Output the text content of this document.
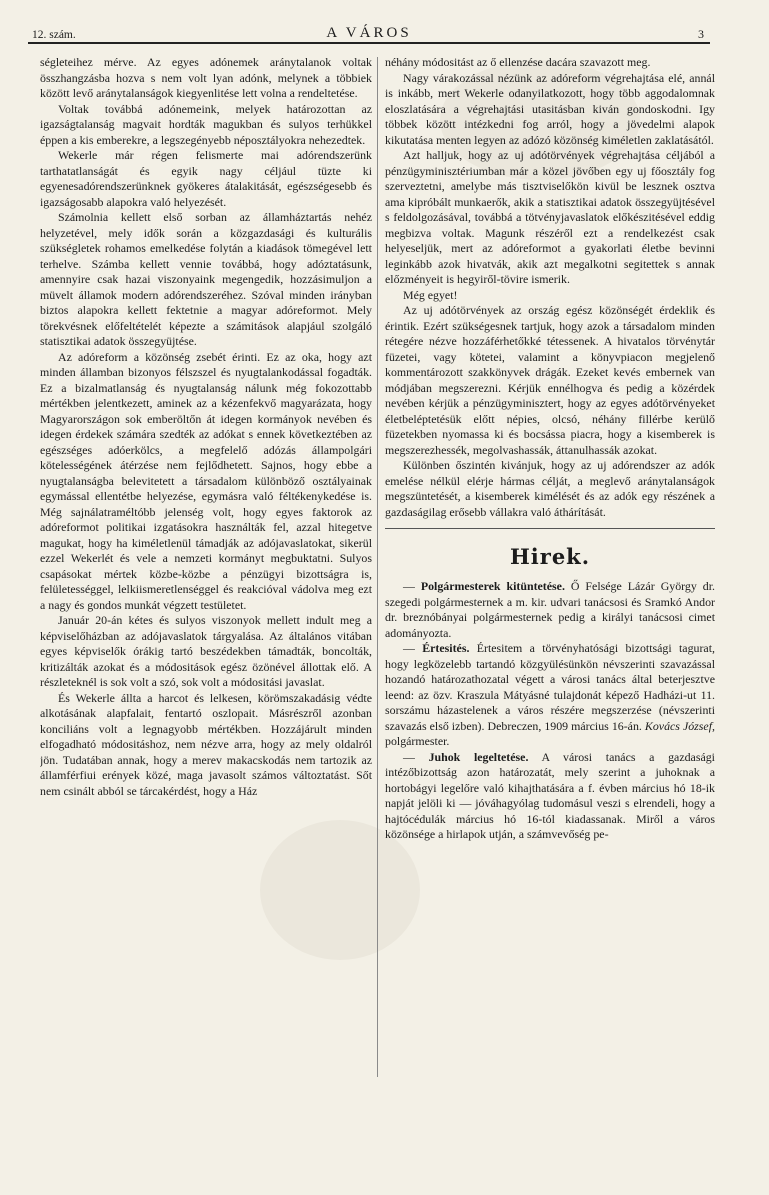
12. szám.	A VÁROS	3

ségleteihez mérve. Az egyes adónemek aránytalanok voltak összhangzásba hozva s nem volt lyan adónk, melynek a többiek között levő aránytalanságok kiegyenlitése lett volna a rendeltetése.

Voltak továbbá adónemeink, melyek határozottan az igazságtalanság magvait hordták magukban és sulyos terhükkel éppen a kis emberekre, a legszegényebb néposztályokra nehezedtek.

Wekerle már régen felismerte mai adórendszerünk tarthatatlanságát és egyik nagy céljául tüzte ki egyenesadórendszerünknek gyökeres átalakitását, egészségesebb és igazságosabb alapokra való helyezését.

Számolnia kellett első sorban az államháztartás nehéz helyzetével, mely idők során a közgazdasági és kulturális szükségletek rohamos emelkedése folytán a kiadások tömegével lett terhelve. Számba kellett vennie továbbá, hogy adóztatásunk, amennyire csak hazai viszonyaink megengedik, hozzásimuljon a müvelt államok modern adórendszeréhez. Szóval minden irányban biztos alapokra kellett fektetnie a magyar adóreformot. Mely törekvésnek előfeltételét képezte a számitások alapjául szolgáló statisztikai adatok összegyüjtése.

Az adóreform a közönség zsebét érinti. Ez az oka, hogy azt minden államban bizonyos félszszel és nyugtalankodással fogadták. Ez a bizalmatlanság és nyugtalanság nálunk még fokozottabb mértékben jelentkezett, aminek az a kézenfekvő magyarázata, hogy Magyarországon sok emberöltőn át idegen kormányok nevében és idegen érdekek számára szedték az adókat s ennek következtében az egészséges adóerkölcs, a megfelelő adózás állampolgári kötelességének átérzése nem fejlődhetett. Sajnos, hogy ebbe a nyugtalanságba belevitetett a társadalom különböző osztályainak egymással ellentétbe helyezése, egymásra való féltékenykedése is. Még sajnálatraméltóbb jelenség volt, hogy egyes faktorok az adóreformot politikai izgatásokra használták fel, azzal hitegetve magukat, hogy ha kiméletlenül támadják az adójavaslatokat, sikerül ezzel Wekerlét és vele a nemzeti kormányt megbuktatni. Sulyos csapásokat mértek közbe-közbe a pénzügyi bizottságra is, felületességgel, lelkiismeretlenséggel és reakcióval vádolva meg ezt a nagy és gondos munkát végzett testületet.

Január 20-án kétes és sulyos viszonyok mellett indult meg a képviselőházban az adójavaslatok tárgyalása. Az általános vitában egyes képviselők órákig tartó beszédekben támadták, boncolták, kritizálták azokat és a módositások egész özönével állottak elő. A részleteknél is sok volt a szó, sok volt a módositási javaslat.

És Wekerle állta a harcot és lelkesen, körömszakadásig védte alkotásának alapfalait, fentartó oszlopait. Másrészről azonban konciliáns volt a legnagyobb mértékben. Hozzájárult minden elfogadható módositáshoz, nem nézve arra, hogy az mely oldalról jön. Tudatában annak, hogy a merev makacskodás nem tartozik az államférfiui erények közé, maga javasolt számos változtatást. Sőt nem csinált abból se tárcakérdést, hogy a Ház

néhány módositást az ő ellenzése dacára szavazott meg.

Nagy várakozással nézünk az adóreform végrehajtása elé, annál is inkább, mert Wekerle odanyilatkozott, hogy több aggodalomnak eloszlatására a végrehajtási utasitásban kiván gondoskodni. Igy többek között intézkedni fog arról, hogy a jövedelmi alapok kikutatása menten legyen az adózó közönség kiméletlen zaklatásától.

Azt halljuk, hogy az uj adótörvények végrehajtása céljából a pénzügyminisztériumban már a közel jövőben egy uj főosztály fog szerveztetni, amelybe más tisztviselőkön kivül be lesznek osztva ama kipróbált munkaerők, akik a statisztikai adatok összegyüjtésével s feldolgozásával, továbbá a tötvényjavaslatok előkészitésével eddig megbizva voltak. Magunk részéről ezt a rendelkezést csak helyeseljük, mert az adóreformot a gyakorlati életbe bevinni leginkább azok hivatvák, akik azt megalkotni segitettek s annak előzményeit is hegyiről-tövire ismerik.

Még egyet!

Az uj adótörvények az ország egész közönségét érdeklik és érintik. Ezért szükségesnek tartjuk, hogy azok a társadalom minden rétegére nézve hozzáférhetőkké tétessenek. A hivatalos törvénytár füzetei, vagy kötetei, valamint a könyvpiacon megjelenő kommentározott szakkönyvek drágák. Ezeket kevés embernek van módjában megszerezni. Kérjük ennélhogva és pedig a közérdek nevében kérjük a pénzügyminisztert, hogy az egyes adótörvényeket életbeléptetésük előtt népies, olcsó, néhány fillérbe kerülő füzetekben nyomassa ki és bocsássa piacra, hogy a kisemberek is megszerezhessék, megolvashassák, áttanulhassák azokat.

Különben őszintén kivánjuk, hogy az uj adórendszer az adók emelése nélkül elérje hármas célját, a meglevő aránytalanságok megszüntetését, a kisemberek kimélését és az adók egy részének a gazdaságilag erősebb vállakra való áthárítását.

Hirek.

— Polgármesterek kitüntetése. Ő Felsége Lázár György dr. szegedi polgármesternek a m. kir. udvari tanácsosi és Sramkó Andor dr. breznóbányai polgármesternek pedig a királyi tanácsosi cimet adományozta.

— Értesités. Értesitem a törvényhatósági bizottsági tagurat, hogy legközelebb tartandó közgyülésünkön névszerinti szavazással hozandó határozathozatal végett a városi tanács által beterjesztve leend: az özv. Kraszula Mátyásné tulajdonát képező Hadházi-ut 11. sorszámu házastelenek a város részére megszerzése (névszerinti szavazás első izben). Debreczen, 1909 március 16-án. Kovács József, polgármester.

— Juhok legeltetése. A városi tanács a gazdasági intézőbizottság azon határozatát, mely szerint a juhoknak a hortobágyi legelőre való kihajthatására a f. évben március hó 18-ik napját jelöli ki — jóváhagyólag tudomásul veszi s elrendeli, hogy a hajtócédulák március hó 16-tól kiadassanak. Miről a város közönsége a hirlapok utján, a számvevőség pe-
